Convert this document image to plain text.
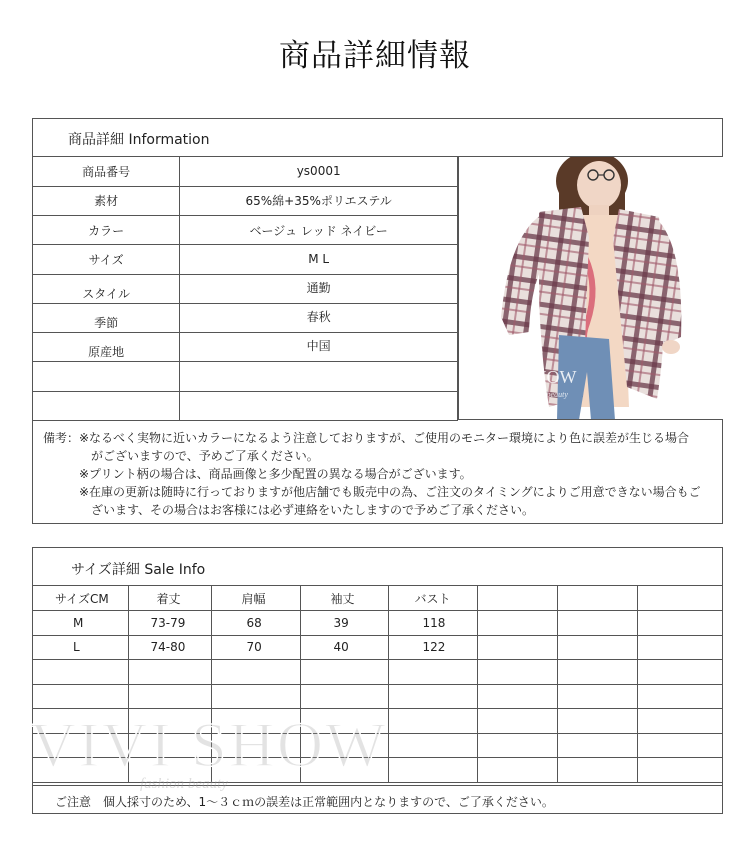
商品詳細情報
商品詳細 Information
商品番号	ys0001
素材	65%綿+35%ポリエステル
カラー	ベージュ レッド ネイビー
サイズ	M L
スタイル	通勤
季節	春秋
原産地	中国

VIVI SHOW
fashion beauty
備考： ※なるべく実物に近いカラーになるよう注意しておりますが、ご使用のモニター環境により色に誤差が生じる場合
がございますので、予めご了承ください。
※プリント柄の場合は、商品画像と多少配置の異なる場合がございます。
※在庫の更新は随時に行っておりますが他店舗でも販売中の為、ご注文のタイミングによりご用意できない場合もご
ざいます、その場合はお客様には必ず連絡をいたしますので予めご了承ください。
サイズ詳細 Sale Info
サイズCM	着丈	肩幅	袖丈	バスト			
M	73-79	68	39	118			
L	74-80	70	40	122			

ご注意　個人採寸のため、1～３ｃｍの誤差は正常範囲内となりますので、ご了承ください。
VIVI SHOW
fashion beauty
